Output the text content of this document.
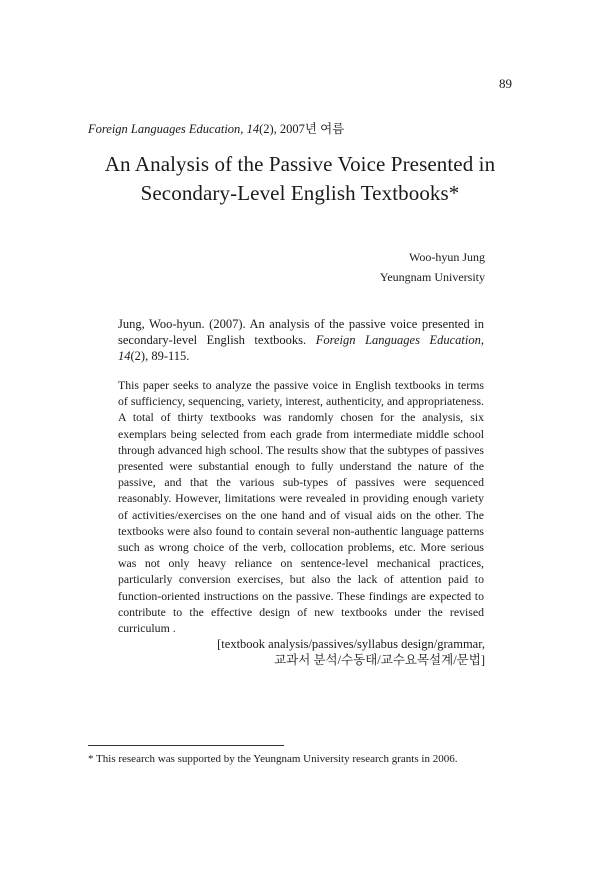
89
Foreign Languages Education, 14(2), 2007년 여름
An Analysis of the Passive Voice Presented in
Secondary-Level English Textbooks*
Woo-hyun Jung
Yeungnam University

Jung, Woo-hyun. (2007). An analysis of the passive voice presented in secondary-level English textbooks. Foreign Languages Education, 14(2), 89-115.

This paper seeks to analyze the passive voice in English textbooks in terms of sufficiency, sequencing, variety, interest, authenticity, and appropriateness. A total of thirty textbooks was randomly chosen for the analysis, six exemplars being selected from each grade from intermediate middle school through advanced high school. The results show that the subtypes of passives presented were substantial enough to fully understand the nature of the passive, and that the various sub-types of passives were sequenced reasonably. However, limitations were revealed in providing enough variety of activities/exercises on the one hand and of visual aids on the other. The textbooks were also found to contain several non-authentic language patterns such as wrong choice of the verb, collocation problems, etc. More serious was not only heavy reliance on sentence-level mechanical practices, particularly conversion exercises, but also the lack of attention paid to function-oriented instructions on the passive. These findings are expected to contribute to the effective design of new textbooks under the revised curriculum .

[textbook analysis/passives/syllabus design/grammar,
교과서 분석/수동태/교수요목설계/문법]
* This research was supported by the Yeungnam University research grants in 2006.
